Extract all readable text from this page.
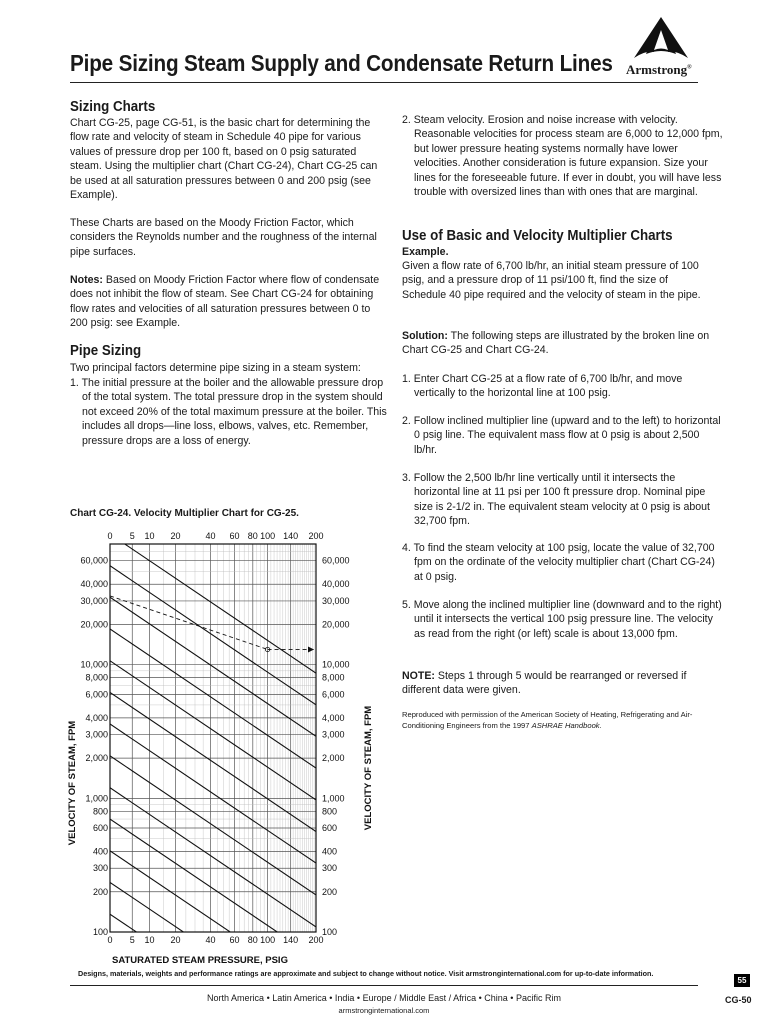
Pipe Sizing Steam Supply and Condensate Return Lines Armstrong®
Sizing Charts

Chart CG-25, page CG-51, is the basic chart for determining the flow rate and velocity of steam in Schedule 40 pipe for various values of pressure drop per 100 ft, based on 0 psig saturated steam. Using the multiplier chart (Chart CG-24), Chart CG-25 can be used at all saturation pressures between 0 and 200 psig (see Example).

These Charts are based on the Moody Friction Factor, which considers the Reynolds number and the roughness of the internal pipe surfaces.

Notes: Based on Moody Friction Factor where flow of condensate does not inhibit the flow of steam. See Chart CG-24 for obtaining flow rates and velocities of all saturation pressures between 0 to 200 psig: see Example.

Pipe Sizing

Two principal factors determine pipe sizing in a steam system:

1. The initial pressure at the boiler and the allowable pressure drop of the total system. The total pressure drop in the system should not exceed 20% of the total maximum pressure at the boiler. This includes all drops—line loss, elbows, valves, etc. Remember, pressure drops are a loss of energy.
2. Steam velocity. Erosion and noise increase with velocity. Reasonable velocities for process steam are 6,000 to 12,000 fpm, but lower pressure heating systems normally have lower velocities. Another consideration is future expansion. Size your lines for the foreseeable future. If ever in doubt, you will have less trouble with oversized lines than with ones that are marginal.
Use of Basic and Velocity Multiplier Charts

Example.

Given a flow rate of 6,700 lb/hr, an initial steam pressure of 100 psig, and a pressure drop of 11 psi/100 ft, find the size of Schedule 40 pipe required and the velocity of steam in the pipe.

Solution: The following steps are illustrated by the broken line on Chart CG-25 and Chart CG-24.

1. Enter Chart CG-25 at a flow rate of 6,700 lb/hr, and move vertically to the horizontal line at 100 psig.
2. Follow inclined multiplier line (upward and to the left) to horizontal 0 psig line. The equivalent mass flow at 0 psig is about 2,500 lb/hr.
3. Follow the 2,500 lb/hr line vertically until it intersects the horizontal line at 11 psi per 100 ft pressure drop. Nominal pipe size is 2-1/2 in. The equivalent steam velocity at 0 psig is about 32,700 fpm.
4. To find the steam velocity at 100 psig, locate the value of 32,700 fpm on the ordinate of the velocity multiplier chart (Chart CG-24) at 0 psig.
5. Move along the inclined multiplier line (downward and to the right) until it intersects the vertical 100 psig pressure line. The velocity as read from the right (or left) scale is about 13,000 fpm.

NOTE: Steps 1 through 5 would be rearranged or reversed if different data were given.

Reproduced with permission of the American Society of Heating, Refrigerating and Air-Conditioning Engineers from the 1997 ASHRAE Handbook.

Chart CG-24. Velocity Multiplier Chart for CG-25.
0
0
5
5
10
10
20
20
40
40
60
60
80
80
100
100
140
140
200
200
100	100
200	200
300	300
400	400
600	600
800	800
1,000	1,000
2,000	2,000
3,000	3,000
4,000	4,000
6,000	6,000
8,000	8,000
10,000	10,000
20,000	20,000
30,000	30,000
40,000	40,000
60,000	60,000
VELOCITY OF STEAM, FPM	VELOCITY OF STEAM, FPM
SATURATED STEAM PRESSURE, PSIG
Designs, materials, weights and performance ratings are approximate and subject to change without notice. Visit armstronginternational.com for up-to-date information.
55
CG-50
North America • Latin America • India • Europe / Middle East / Africa • China • Pacific Rim
armstronginternational.com
